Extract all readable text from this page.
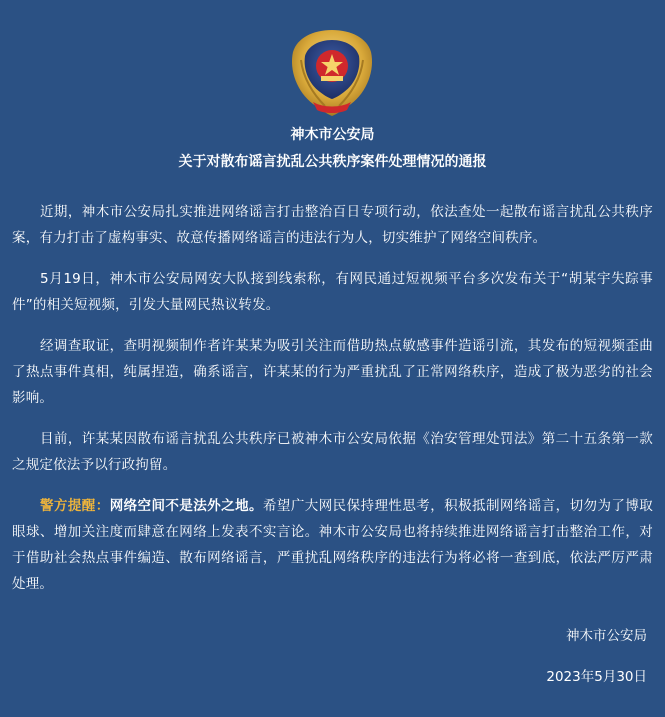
神木市公安局
关于对散布谣言扰乱公共秩序案件处理情况的通报

近期，神木市公安局扎实推进网络谣言打击整治百日专项行动，依法查处一起散布谣言扰乱公共秩序案，有力打击了虚构事实、故意传播网络谣言的违法行为人，切实维护了网络空间秩序。

5月19日，神木市公安局网安大队接到线索称，有网民通过短视频平台多次发布关于“胡某宇失踪事件”的相关短视频，引发大量网民热议转发。

经调查取证，查明视频制作者许某某为吸引关注而借助热点敏感事件造谣引流，其发布的短视频歪曲了热点事件真相，纯属捏造，确系谣言，许某某的行为严重扰乱了正常网络秩序，造成了极为恶劣的社会影响。

目前，许某某因散布谣言扰乱公共秩序已被神木市公安局依据《治安管理处罚法》第二十五条第一款之规定依法予以行政拘留。

警方提醒：网络空间不是法外之地。希望广大网民保持理性思考，积极抵制网络谣言，切勿为了博取眼球、增加关注度而肆意在网络上发表不实言论。神木市公安局也将持续推进网络谣言打击整治工作，对于借助社会热点事件编造、散布网络谣言，严重扰乱网络秩序的违法行为将必将一查到底，依法严厉严肃处理。

神木市公安局
2023年5月30日
